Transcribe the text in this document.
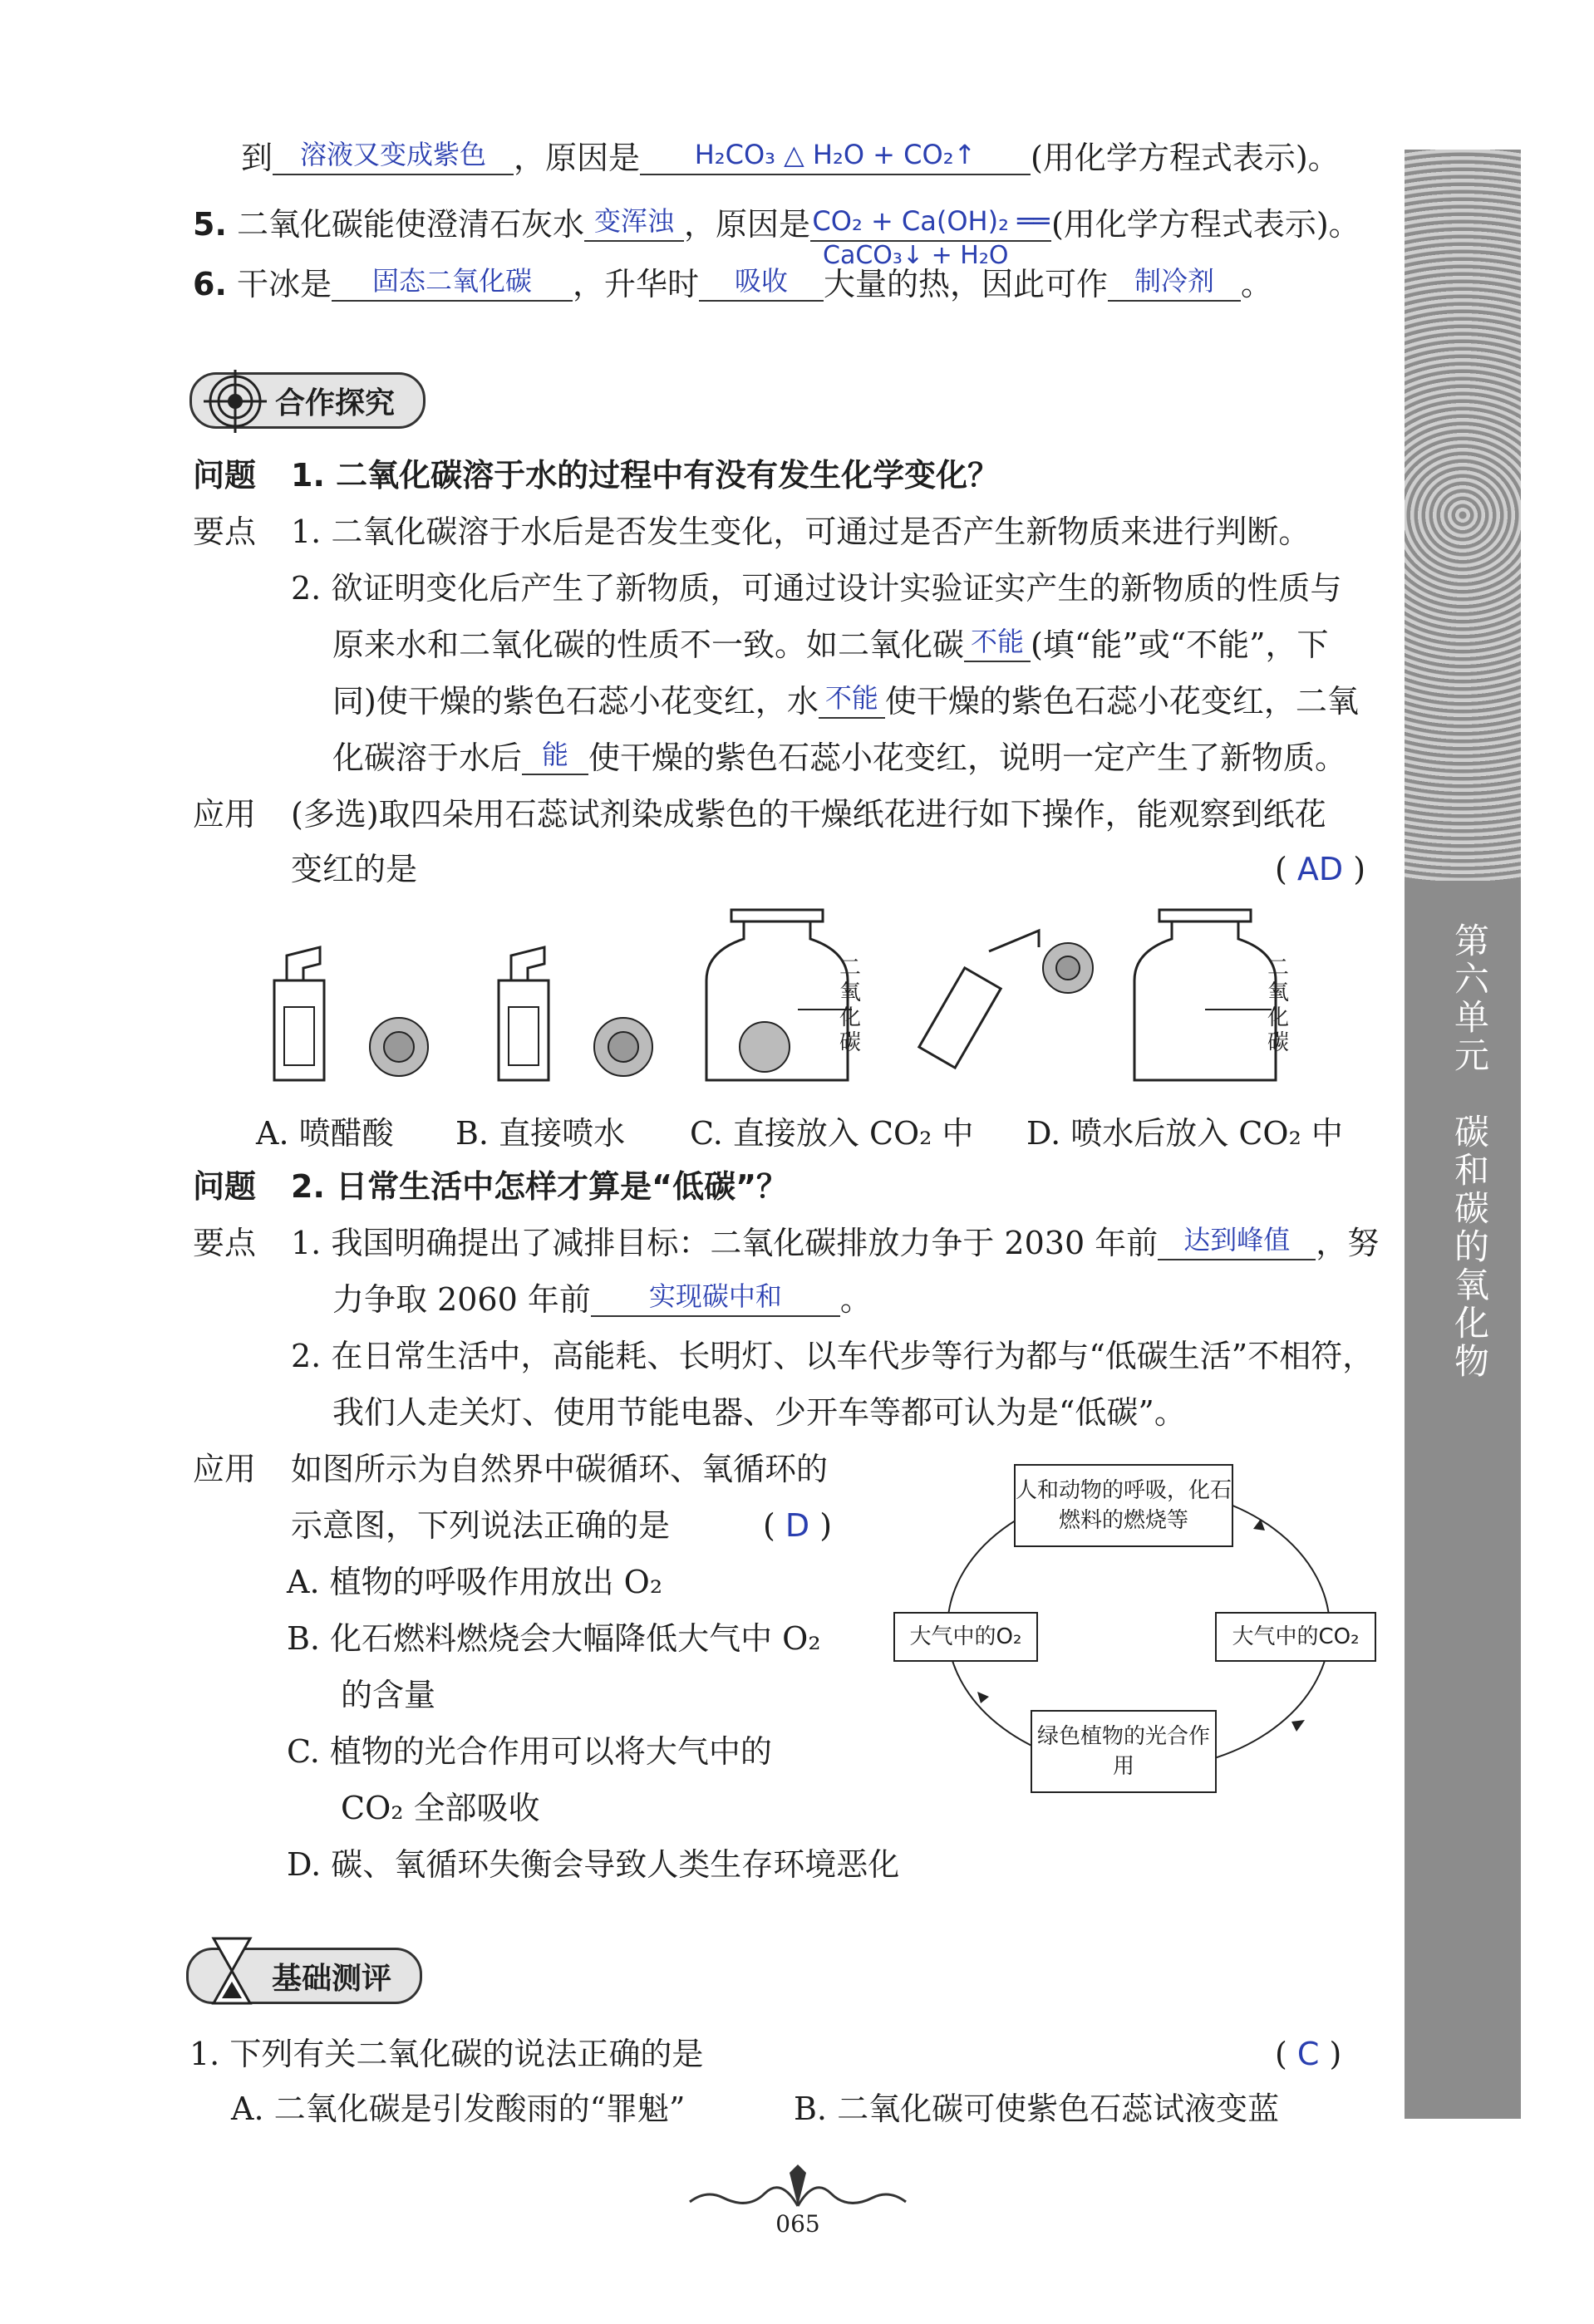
第六单元　碳和碳的氧化物
到 溶液又变成紫色 ，原因是 H₂CO₃ △ H₂O + CO₂↑ (用化学方程式表示)。
5. 二氧化碳能使澄清石灰水 变浑浊 ，原因是CO₂ + Ca(OH)₂ ══(用化学方程式表示)。
CaCO₃↓ + H₂O
6. 干冰是 固态二氧化碳 ，升华时 吸收 大量的热，因此可作 制冷剂 。
合作探究
问题 1. 二氧化碳溶于水的过程中有没有发生化学变化？
要点 1. 二氧化碳溶于水后是否发生变化，可通过是否产生新物质来进行判断。
2. 欲证明变化后产生了新物质，可通过设计实验证实产生的新物质的性质与
原来水和二氧化碳的性质不一致。如二氧化碳 不能 (填“能”或“不能”，下
同)使干燥的紫色石蕊小花变红，水 不能 使干燥的紫色石蕊小花变红，二氧
化碳溶于水后 能 使干燥的紫色石蕊小花变红，说明一定产生了新物质。
应用 (多选)取四朵用石蕊试剂染成紫色的干燥纸花进行如下操作，能观察到纸花
变红的是	( AD )
二氧化碳
二氧化碳
A. 喷醋酸 B. 直接喷水 C. 直接放入 CO₂ 中 D. 喷水后放入 CO₂ 中
问题 2. 日常生活中怎样才算是“低碳”？
要点 1. 我国明确提出了减排目标：二氧化碳排放力争于 2030 年前 达到峰值 ，努
力争取 2060 年前 实现碳中和 。
2. 在日常生活中，高能耗、长明灯、以车代步等行为都与“低碳生活”不相符，
我们人走关灯、使用节能电器、少开车等都可认为是“低碳”。
应用 如图所示为自然界中碳循环、氧循环的
示意图，下列说法正确的是	( D )
A. 植物的呼吸作用放出 O₂
B. 化石燃料燃烧会大幅降低大气中 O₂
的含量
C. 植物的光合作用可以将大气中的
CO₂ 全部吸收
D. 碳、氧循环失衡会导致人类生存环境恶化
人和动物的呼吸，化石燃料的燃烧等
大气中的O₂	大气中的CO₂
绿色植物的光合作用
基础测评
1. 下列有关二氧化碳的说法正确的是	( C )
A. 二氧化碳是引发酸雨的“罪魁”	B. 二氧化碳可使紫色石蕊试液变蓝
065
